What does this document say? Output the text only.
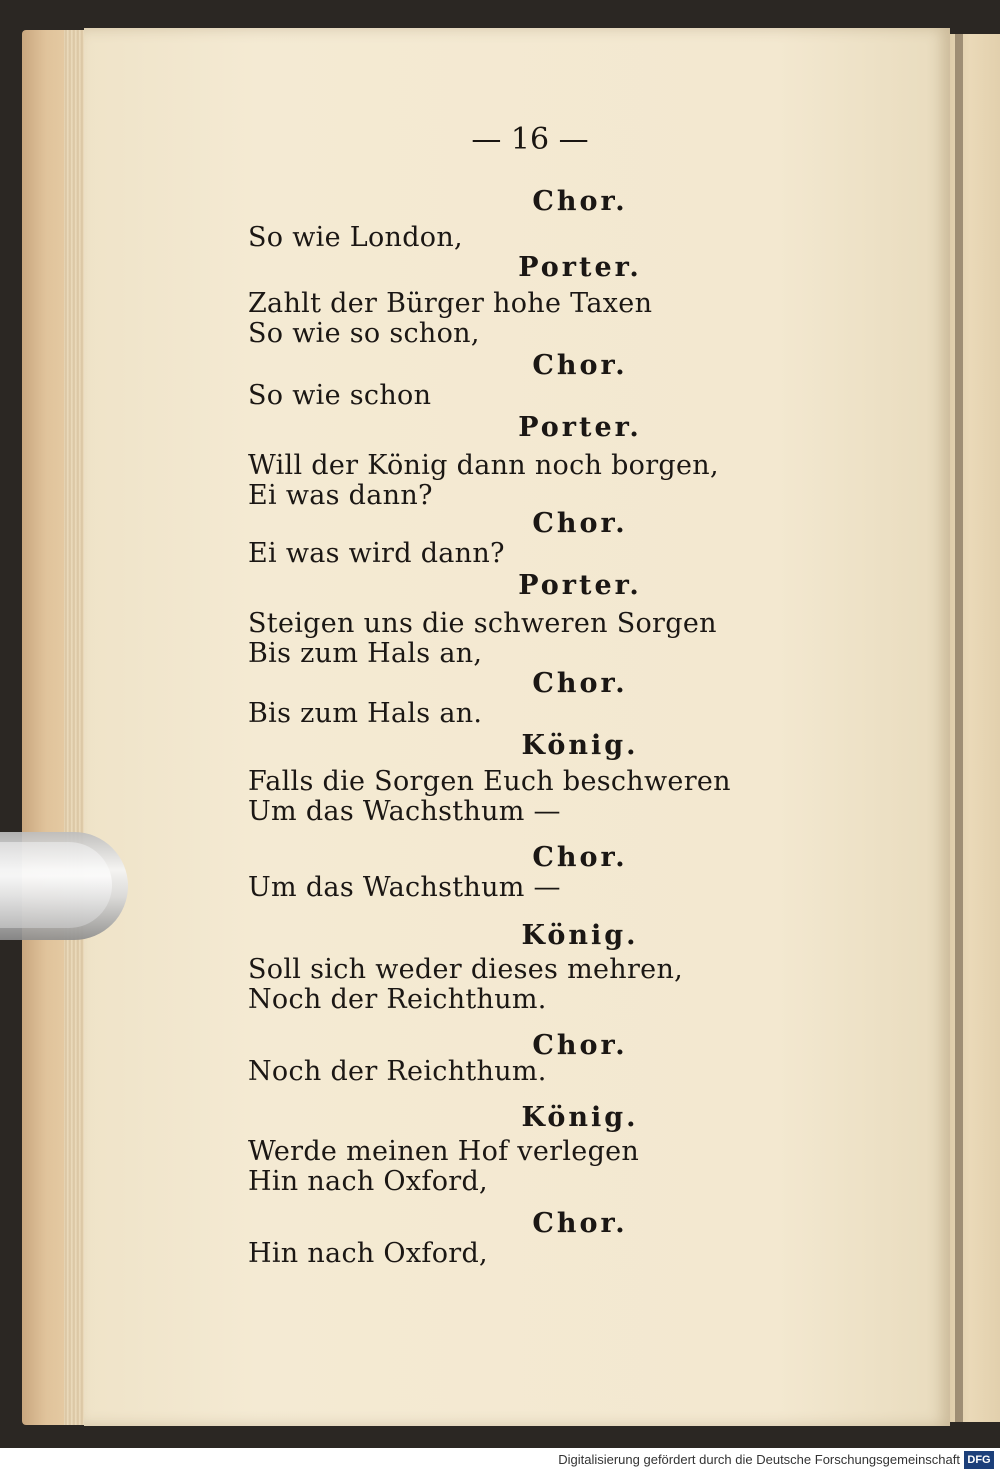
— 16 —
Chor.
So wie London,
Porter.
Zahlt der Bürger hohe Taxen
So wie so schon,
Chor.
So wie schon
Porter.
Will der König dann noch borgen,
Ei was dann?
Chor.
Ei was wird dann?
Porter.
Steigen uns die schweren Sorgen
Bis zum Hals an,
Chor.
Bis zum Hals an.
König.
Falls die Sorgen Euch beschweren
Um das Wachsthum —
Chor.
Um das Wachsthum —
König.
Soll sich weder dieses mehren,
Noch der Reichthum.
Chor.
Noch der Reichthum.
König.
Werde meinen Hof verlegen
Hin nach Oxford,
Chor.
Hin nach Oxford,
Digitalisierung gefördert durch die Deutsche Forschungsgemeinschaft DFG
